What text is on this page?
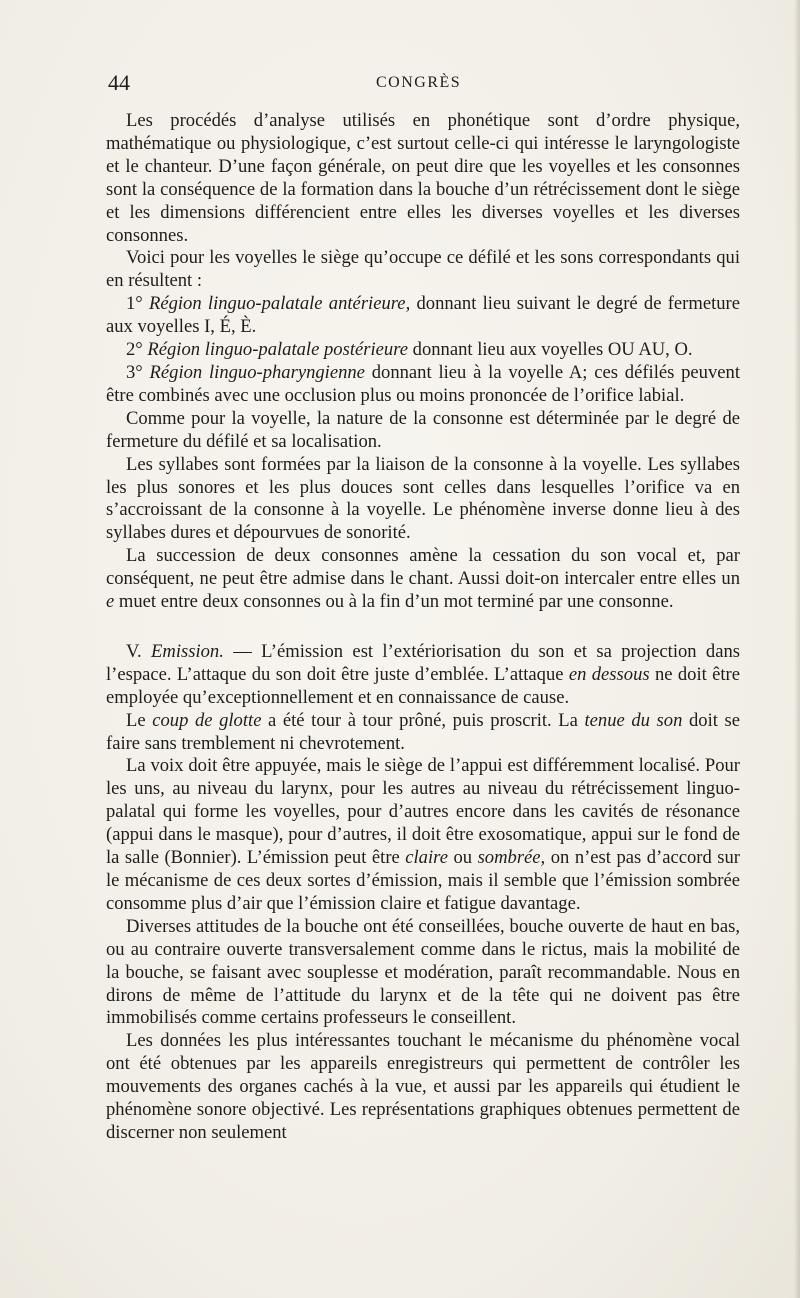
44	CONGRÈS

Les procédés d’analyse utilisés en phonétique sont d’ordre physique, mathématique ou physiologique, c’est surtout celle-ci qui intéresse le laryngologiste et le chanteur. D’une façon générale, on peut dire que les voyelles et les consonnes sont la conséquence de la formation dans la bouche d’un rétrécissement dont le siège et les dimensions différencient entre elles les diverses voyelles et les diverses consonnes.

Voici pour les voyelles le siège qu’occupe ce défilé et les sons correspondants qui en résultent :

1° Région linguo-palatale antérieure, donnant lieu suivant le degré de fermeture aux voyelles I, É, È.

2° Région linguo-palatale postérieure donnant lieu aux voyelles OU AU, O.

3° Région linguo-pharyngienne donnant lieu à la voyelle A; ces défilés peuvent être combinés avec une occlusion plus ou moins prononcée de l’orifice labial.

Comme pour la voyelle, la nature de la consonne est déterminée par le degré de fermeture du défilé et sa localisation.

Les syllabes sont formées par la liaison de la consonne à la voyelle. Les syllabes les plus sonores et les plus douces sont celles dans lesquelles l’orifice va en s’accroissant de la consonne à la voyelle. Le phénomène inverse donne lieu à des syllabes dures et dépourvues de sonorité.

La succession de deux consonnes amène la cessation du son vocal et, par conséquent, ne peut être admise dans le chant. Aussi doit-on intercaler entre elles un e muet entre deux consonnes ou à la fin d’un mot terminé par une consonne.

V. Emission. — L’émission est l’extériorisation du son et sa projection dans l’espace. L’attaque du son doit être juste d’emblée. L’attaque en dessous ne doit être employée qu’exceptionnellement et en connaissance de cause.

Le coup de glotte a été tour à tour prôné, puis proscrit. La tenue du son doit se faire sans tremblement ni chevrotement.

La voix doit être appuyée, mais le siège de l’appui est différemment localisé. Pour les uns, au niveau du larynx, pour les autres au niveau du rétrécissement linguo-palatal qui forme les voyelles, pour d’autres encore dans les cavités de résonance (appui dans le masque), pour d’autres, il doit être exosomatique, appui sur le fond de la salle (Bonnier). L’émission peut être claire ou sombrée, on n’est pas d’accord sur le mécanisme de ces deux sortes d’émission, mais il semble que l’émission sombrée consomme plus d’air que l’émission claire et fatigue davantage.

Diverses attitudes de la bouche ont été conseillées, bouche ouverte de haut en bas, ou au contraire ouverte transversalement comme dans le rictus, mais la mobilité de la bouche, se faisant avec souplesse et modération, paraît recommandable. Nous en dirons de même de l’attitude du larynx et de la tête qui ne doivent pas être immobilisés comme certains professeurs le conseillent.

Les données les plus intéressantes touchant le mécanisme du phénomène vocal ont été obtenues par les appareils enregistreurs qui permettent de contrôler les mouvements des organes cachés à la vue, et aussi par les appareils qui étudient le phénomène sonore objectivé. Les représentations graphiques obtenues permettent de discerner non seulement
